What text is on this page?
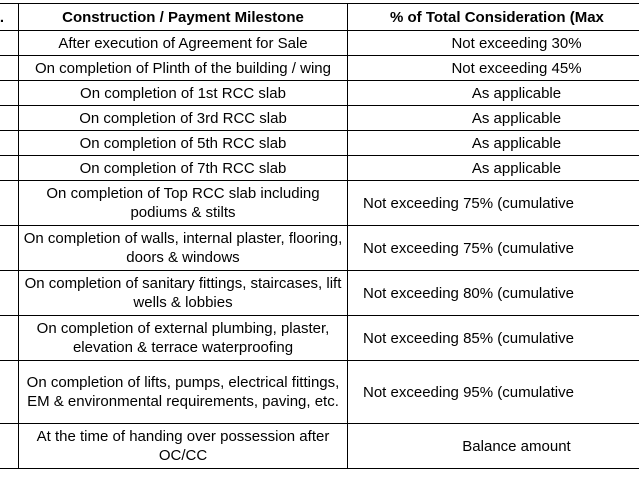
.	Construction / Payment Milestone	% of Total Consideration (Max
	After execution of Agreement for Sale	Not exceeding 30%
	On completion of Plinth of the building / wing	Not exceeding 45%
	On completion of 1st RCC slab	As applicable
	On completion of 3rd RCC slab	As applicable
	On completion of 5th RCC slab	As applicable
	On completion of 7th RCC slab	As applicable
	On completion of Top RCC slab including podiums & stilts	Not exceeding 75% (cumulative
	On completion of walls, internal plaster, flooring, doors & windows	Not exceeding 75% (cumulative
	On completion of sanitary fittings, staircases, lift wells & lobbies	Not exceeding 80% (cumulative
	On completion of external plumbing, plaster, elevation & terrace waterproofing	Not exceeding 85% (cumulative
	On completion of lifts, pumps, electrical fittings, EM & environmental requirements, paving, etc.	Not exceeding 95% (cumulative
	At the time of handing over possession after OC/CC	Balance amount
